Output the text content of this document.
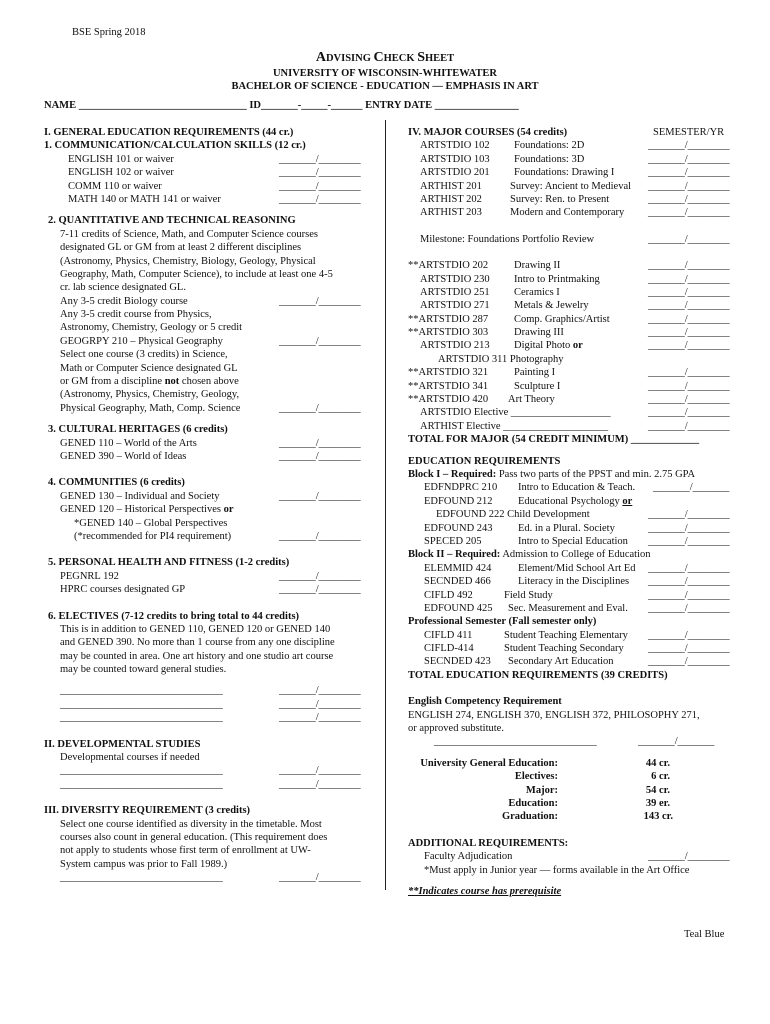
BSE Spring 2018
ADVISING CHECK SHEET
UNIVERSITY OF WISCONSIN-WHITEWATER
BACHELOR OF SCIENCE - EDUCATION — EMPHASIS IN ART
NAME ________________________________ ID_______-_____-______ ENTRY DATE ________________
I. GENERAL EDUCATION REQUIREMENTS (44 cr.)
1. COMMUNICATION/CALCULATION SKILLS (12 cr.)
ENGLISH 101 or waiver	_______/________
ENGLISH 102 or waiver	_______/________
COMM 110 or waiver	_______/________
MATH 140 or MATH 141 or waiver	_______/________
2. QUANTITATIVE AND TECHNICAL REASONING
7-11 credits of Science, Math, and Computer Science courses
designated GL or GM from at least 2 different disciplines
(Astronomy, Physics, Chemistry, Biology, Geology, Physical
Geography, Math, Computer Science), to include at least one 4-5
cr. lab science designated GL.
Any 3-5 credit Biology course	_______/________
Any 3-5 credit course from Physics,
Astronomy, Chemistry, Geology or 5 credit
GEOGRPY 210 – Physical Geography	_______/________
Select one course (3 credits) in Science,
Math or Computer Science designated GL
or GM from a discipline not chosen above
(Astronomy, Physics, Chemistry, Geology,
Physical Geography, Math, Comp. Science	_______/________
3. CULTURAL HERITAGES (6 credits)
GENED 110 – World of the Arts	_______/________
GENED 390 – World of Ideas	_______/________
4. COMMUNITIES (6 credits)
GENED 130 – Individual and Society	_______/________
GENED 120 – Historical Perspectives or
*GENED 140 – Global Perspectives
(*recommended for PI4 requirement)	_______/________
5. PERSONAL HEALTH AND FITNESS (1-2 credits)
PEGNRL 192	_______/________
HPRC courses designated GP	_______/________
6. ELECTIVES (7-12 credits to bring total to 44 credits)
This is in addition to GENED 110, GENED 120 or GENED 140
and GENED 390. No more than 1 course from any one discipline
may be counted in area. One art history and one studio art course
may be counted toward general studies.
_______________________________	_______/________
_______________________________	_______/________
_______________________________	_______/________
II. DEVELOPMENTAL STUDIES
Developmental courses if needed
_______________________________	_______/________
_______________________________	_______/________
III. DIVERSITY REQUIREMENT (3 credits)
Select one course identified as diversity in the timetable. Most
courses also count in general education. (This requirement does
not apply to students whose first term of enrollment at UW-
System campus was prior to Fall 1989.)
_______________________________	_______/________
IV. MAJOR COURSES (54 credits)	SEMESTER/YR
ARTSTDIO 102 Foundations: 2D	_______/________
ARTSTDIO 103 Foundations: 3D	_______/________
ARTSTDIO 201 Foundations: Drawing I	_______/________
ARTHIST 201	Survey: Ancient to Medieval _______/________
ARTHIST 202	Survey: Ren. to Present	_______/________
ARTHIST 203	Modern and Contemporary _______/________
Milestone: Foundations Portfolio Review	_______/________
**ARTSTDIO 202 Drawing II	_______/________
ARTSTDIO 230 Intro to Printmaking	_______/________
ARTSTDIO 251 Ceramics I	_______/________
ARTSTDIO 271 Metals & Jewelry	_______/________
**ARTSTDIO 287 Comp. Graphics/Artist	_______/________
**ARTSTDIO 303 Drawing III	_______/________
ARTSTDIO 213 Digital Photo or	_______/________
ARTSTDIO 311 Photography
**ARTSTDIO 321 Painting I	_______/________
**ARTSTDIO 341 Sculpture I	_______/________
**ARTSTDIO 420 Art Theory	_______/________
ARTSTDIO Elective ___________________	_______/________
ARTHIST Elective ____________________	_______/________
TOTAL FOR MAJOR (54 CREDIT MINIMUM) _____________
EDUCATION REQUIREMENTS
Block I – Required: Pass two parts of the PPST and min. 2.75 GPA
EDFNDPRC 210 Intro to Education & Teach. _______/_______
EDFOUND 212 Educational Psychology or
EDFOUND 222 Child Development	_______/________
EDFOUND 243 Ed. in a Plural. Society	_______/________
SPECED 205	Intro to Special Education _______/________
Block II – Required: Admission to College of Education
ELEMMID 424	Element/Mid School Art Ed _______/________
SECNDED 466	Literacy in the Disciplines _______/________
CIFLD 492	Field Study	_______/________
EDFOUND 425 Sec. Measurement and Eval. _______/________
Professional Semester (Fall semester only)
CIFLD 411	Student Teaching Elementary _______/________
CIFLD-414	Student Teaching Secondary _______/________
SECNDED 423 Secondary Art Education	_______/________
TOTAL EDUCATION REQUIREMENTS (39 CREDITS)
English Competency Requirement
ENGLISH 274, ENGLISH 370, ENGLISH 372, PHILOSOPHY 271,
or approved substitute.
_______________________________	_______/_______
University General Education:	44 cr.
Electives:	6 cr.
Major:	54 cr.
Education:	39 er.
Graduation:	143 cr.
ADDITIONAL REQUIREMENTS:
Faculty Adjudication	_______/________
*Must apply in Junior year — forms available in the Art Office
**Indicates course has prerequisite
Teal Blue
